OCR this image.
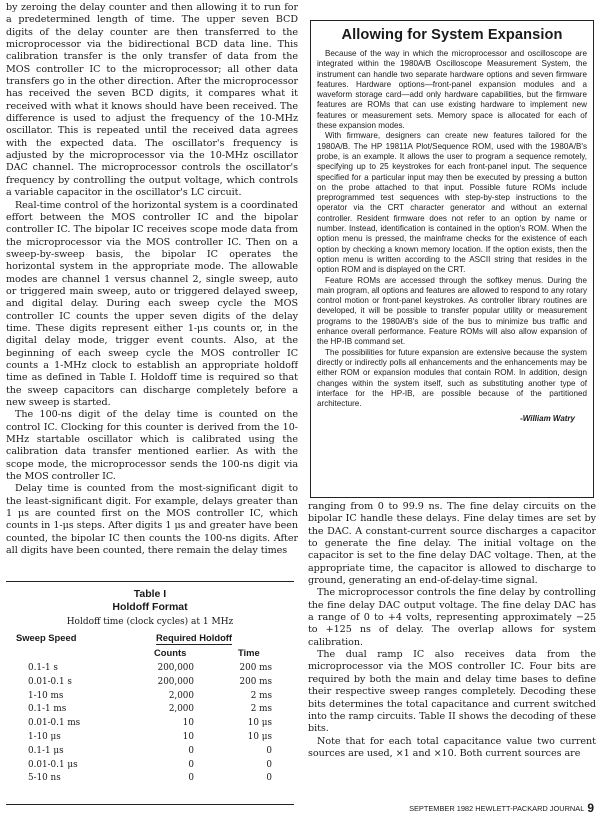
by zeroing the delay counter and then allowing it to run for a predetermined length of time. The upper seven BCD digits of the delay counter are then transferred to the microprocessor via the bidirectional BCD data line. This calibration transfer is the only transfer of data from the MOS controller IC to the microprocessor; all other data transfers go in the other direction. After the microprocessor has received the seven BCD digits, it compares what it received with what it knows should have been received. The difference is used to adjust the frequency of the 10-MHz oscillator. This is repeated until the received data agrees with the expected data. The oscillator's frequency is adjusted by the microprocessor via the 10-MHz oscillator DAC channel. The microprocessor controls the oscillator's frequency by controlling the output voltage, which controls a variable capacitor in the oscillator's LC circuit.

Real-time control of the horizontal system is a coordinated effort between the MOS controller IC and the bipolar controller IC. The bipolar IC receives scope mode data from the microprocessor via the MOS controller IC. Then on a sweep-by-sweep basis, the bipolar IC operates the horizontal system in the appropriate mode. The allowable modes are channel 1 versus channel 2, single sweep, auto or triggered main sweep, auto or triggered delayed sweep, and digital delay. During each sweep cycle the MOS controller IC counts the upper seven digits of the delay time. These digits represent either 1-μs counts or, in the digital delay mode, trigger event counts. Also, at the beginning of each sweep cycle the MOS controller IC counts a 1-MHz clock to establish an appropriate holdoff time as defined in Table I. Holdoff time is required so that the sweep capacitors can discharge completely before a new sweep is started.

The 100-ns digit of the delay time is counted on the control IC. Clocking for this counter is derived from the 10-MHz startable oscillator which is calibrated using the calibration data transfer mentioned earlier. As with the scope mode, the microprocessor sends the 100-ns digit via the MOS controller IC.

Delay time is counted from the most-significant digit to the least-significant digit. For example, delays greater than 1 μs are counted first on the MOS controller IC, which counts in 1-μs steps. After digits 1 μs and greater have been counted, the bipolar IC then counts the 100-ns digits. After all digits have been counted, there remain the delay times

Allowing for System Expansion

Because of the way in which the microprocessor and oscilloscope are integrated within the 1980A/B Oscilloscope Measurement System, the instrument can handle two separate hardware options and seven firmware features. Hardware options—front-panel expansion modules and a waveform storage card—add only hardware capabilities, but the firmware features are ROMs that can use existing hardware to implement new features or measurement sets. Memory space is allocated for each of these expansion modes.

With firmware, designers can create new features tailored for the 1980A/B. The HP 19811A Plot/Sequence ROM, used with the 1980A/B's probe, is an example. It allows the user to program a sequence remotely, specifying up to 25 keystrokes for each front-panel input. The sequence specified for a particular input may then be executed by pressing a button on the probe attached to that input. Possible future ROMs include preprogrammed test sequences with step-by-step instructions to the operator via the CRT character generator and without an external controller. Resident firmware does not refer to an option by name or number. Instead, identification is contained in the option's ROM. When the option menu is pressed, the mainframe checks for the existence of each option by checking a known memory location. If the option exists, then the option menu is written according to the ASCII string that resides in the option ROM and is displayed on the CRT.

Feature ROMs are accessed through the softkey menus. During the main program, all options and features are allowed to respond to any rotary control motion or front-panel keystrokes. As controller library routines are developed, it will be possible to transfer popular utility or measurement programs to the 1980A/B's side of the bus to minimize bus traffic and enhance overall performance. Feature ROMs will also allow expansion of the HP-IB command set.

The possibilities for future expansion are extensive because the system directly or indirectly polls all enhancements and the enhancements may be either ROM or expansion modules that contain ROM. In addition, design changes within the system itself, such as substituting another type of interface for the HP-IB, are possible because of the partitioned architecture.

-William Watry

ranging from 0 to 99.9 ns. The fine delay circuits on the bipolar IC handle these delays. Fine delay times are set by the DAC. A constant-current source discharges a capacitor to generate the fine delay. The initial voltage on the capacitor is set to the fine delay DAC voltage. Then, at the appropriate time, the capacitor is allowed to discharge to ground, generating an end-of-delay-time signal.

The microprocessor controls the fine delay by controlling the fine delay DAC output voltage. The fine delay DAC has a range of 0 to +4 volts, representing approximately −25 to +125 ns of delay. The overlap allows for system calibration.

The dual ramp IC also receives data from the microprocessor via the MOS controller IC. Four bits are required by both the main and delay time bases to define their respective sweep ranges completely. Decoding these bits determines the total capacitance and current switched into the ramp circuits. Table II shows the decoding of these bits.

Note that for each total capacitance value two current sources are used, ×1 and ×10. Both current sources are

Table I
Holdoff Format
Holdoff time (clock cycles) at 1 MHz
Sweep Speed	Required Holdoff
Counts	Time
0.1-1 s	200,000	200 ms
0.01-0.1 s	200,000	200 ms
1-10 ms	2,000	2 ms
0.1-1 ms	2,000	2 ms
0.01-0.1 ms	10	10 μs
1-10 μs	10	10 μs
0.1-1 μs	0	0
0.01-0.1 μs	0	0
5-10 ns	0	0
SEPTEMBER 1982 HEWLETT-PACKARD JOURNAL 9
